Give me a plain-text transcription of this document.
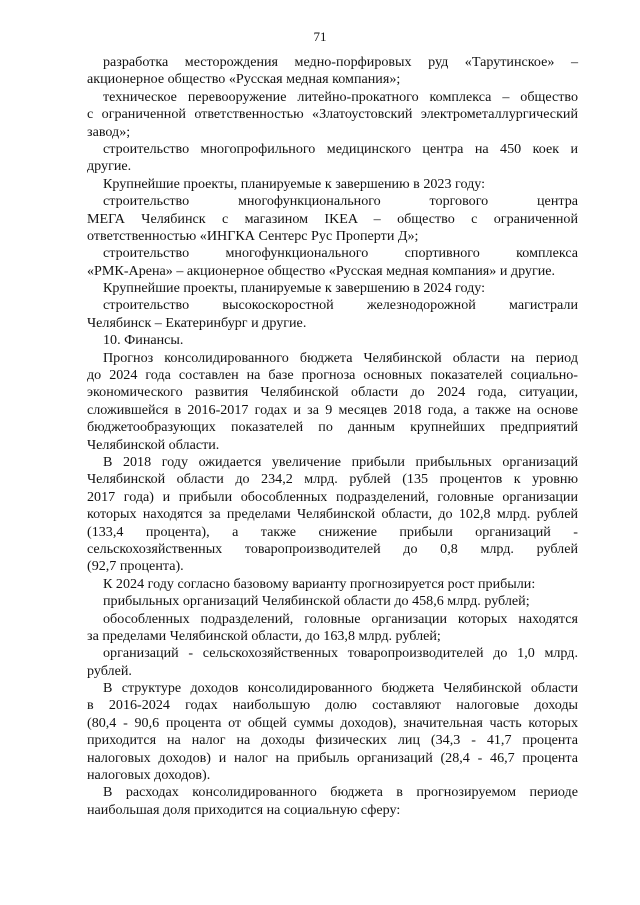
71
разработка месторождения медно-порфировых руд «Тарутинское» –
акционерное общество «Русская медная компания»;
техническое перевооружение литейно-прокатного комплекса – общество
с ограниченной ответственностью «Златоустовский электрометаллургический
завод»;
строительство многопрофильного медицинского центра на 450 коек и
другие.
Крупнейшие проекты, планируемые к завершению в 2023 году:
строительство многофункционального торгового центра
МЕГА Челябинск с магазином IKEA – общество с ограниченной
ответственностью «ИНГКА Сентерс Рус Проперти Д»;
строительство многофункционального спортивного комплекса
«РМК-Арена» – акционерное общество «Русская медная компания» и другие.
Крупнейшие проекты, планируемые к завершению в 2024 году:
строительство высокоскоростной железнодорожной магистрали
Челябинск – Екатеринбург и другие.
10. Финансы.
Прогноз консолидированного бюджета Челябинской области на период
до 2024 года составлен на базе прогноза основных показателей социально-
экономического развития Челябинской области до 2024 года, ситуации,
сложившейся в 2016-2017 годах и за 9 месяцев 2018 года, а также на основе
бюджетообразующих показателей по данным крупнейших предприятий
Челябинской области.
В 2018 году ожидается увеличение прибыли прибыльных организаций
Челябинской области до 234,2 млрд. рублей (135 процентов к уровню
2017 года) и прибыли обособленных подразделений, головные организации
которых находятся за пределами Челябинской области, до 102,8 млрд. рублей
(133,4 процента), а также снижение прибыли организаций -
сельскохозяйственных товаропроизводителей до 0,8 млрд. рублей
(92,7 процента).
К 2024 году согласно базовому варианту прогнозируется рост прибыли:
прибыльных организаций Челябинской области до 458,6 млрд. рублей;
обособленных подразделений, головные организации которых находятся
за пределами Челябинской области, до 163,8 млрд. рублей;
организаций - сельскохозяйственных товаропроизводителей до 1,0 млрд.
рублей.
В структуре доходов консолидированного бюджета Челябинской области
в 2016-2024 годах наибольшую долю составляют налоговые доходы
(80,4 - 90,6 процента от общей суммы доходов), значительная часть которых
приходится на налог на доходы физических лиц (34,3 - 41,7 процента
налоговых доходов) и налог на прибыль организаций (28,4 - 46,7 процента
налоговых доходов).
В расходах консолидированного бюджета в прогнозируемом периоде
наибольшая доля приходится на социальную сферу:
